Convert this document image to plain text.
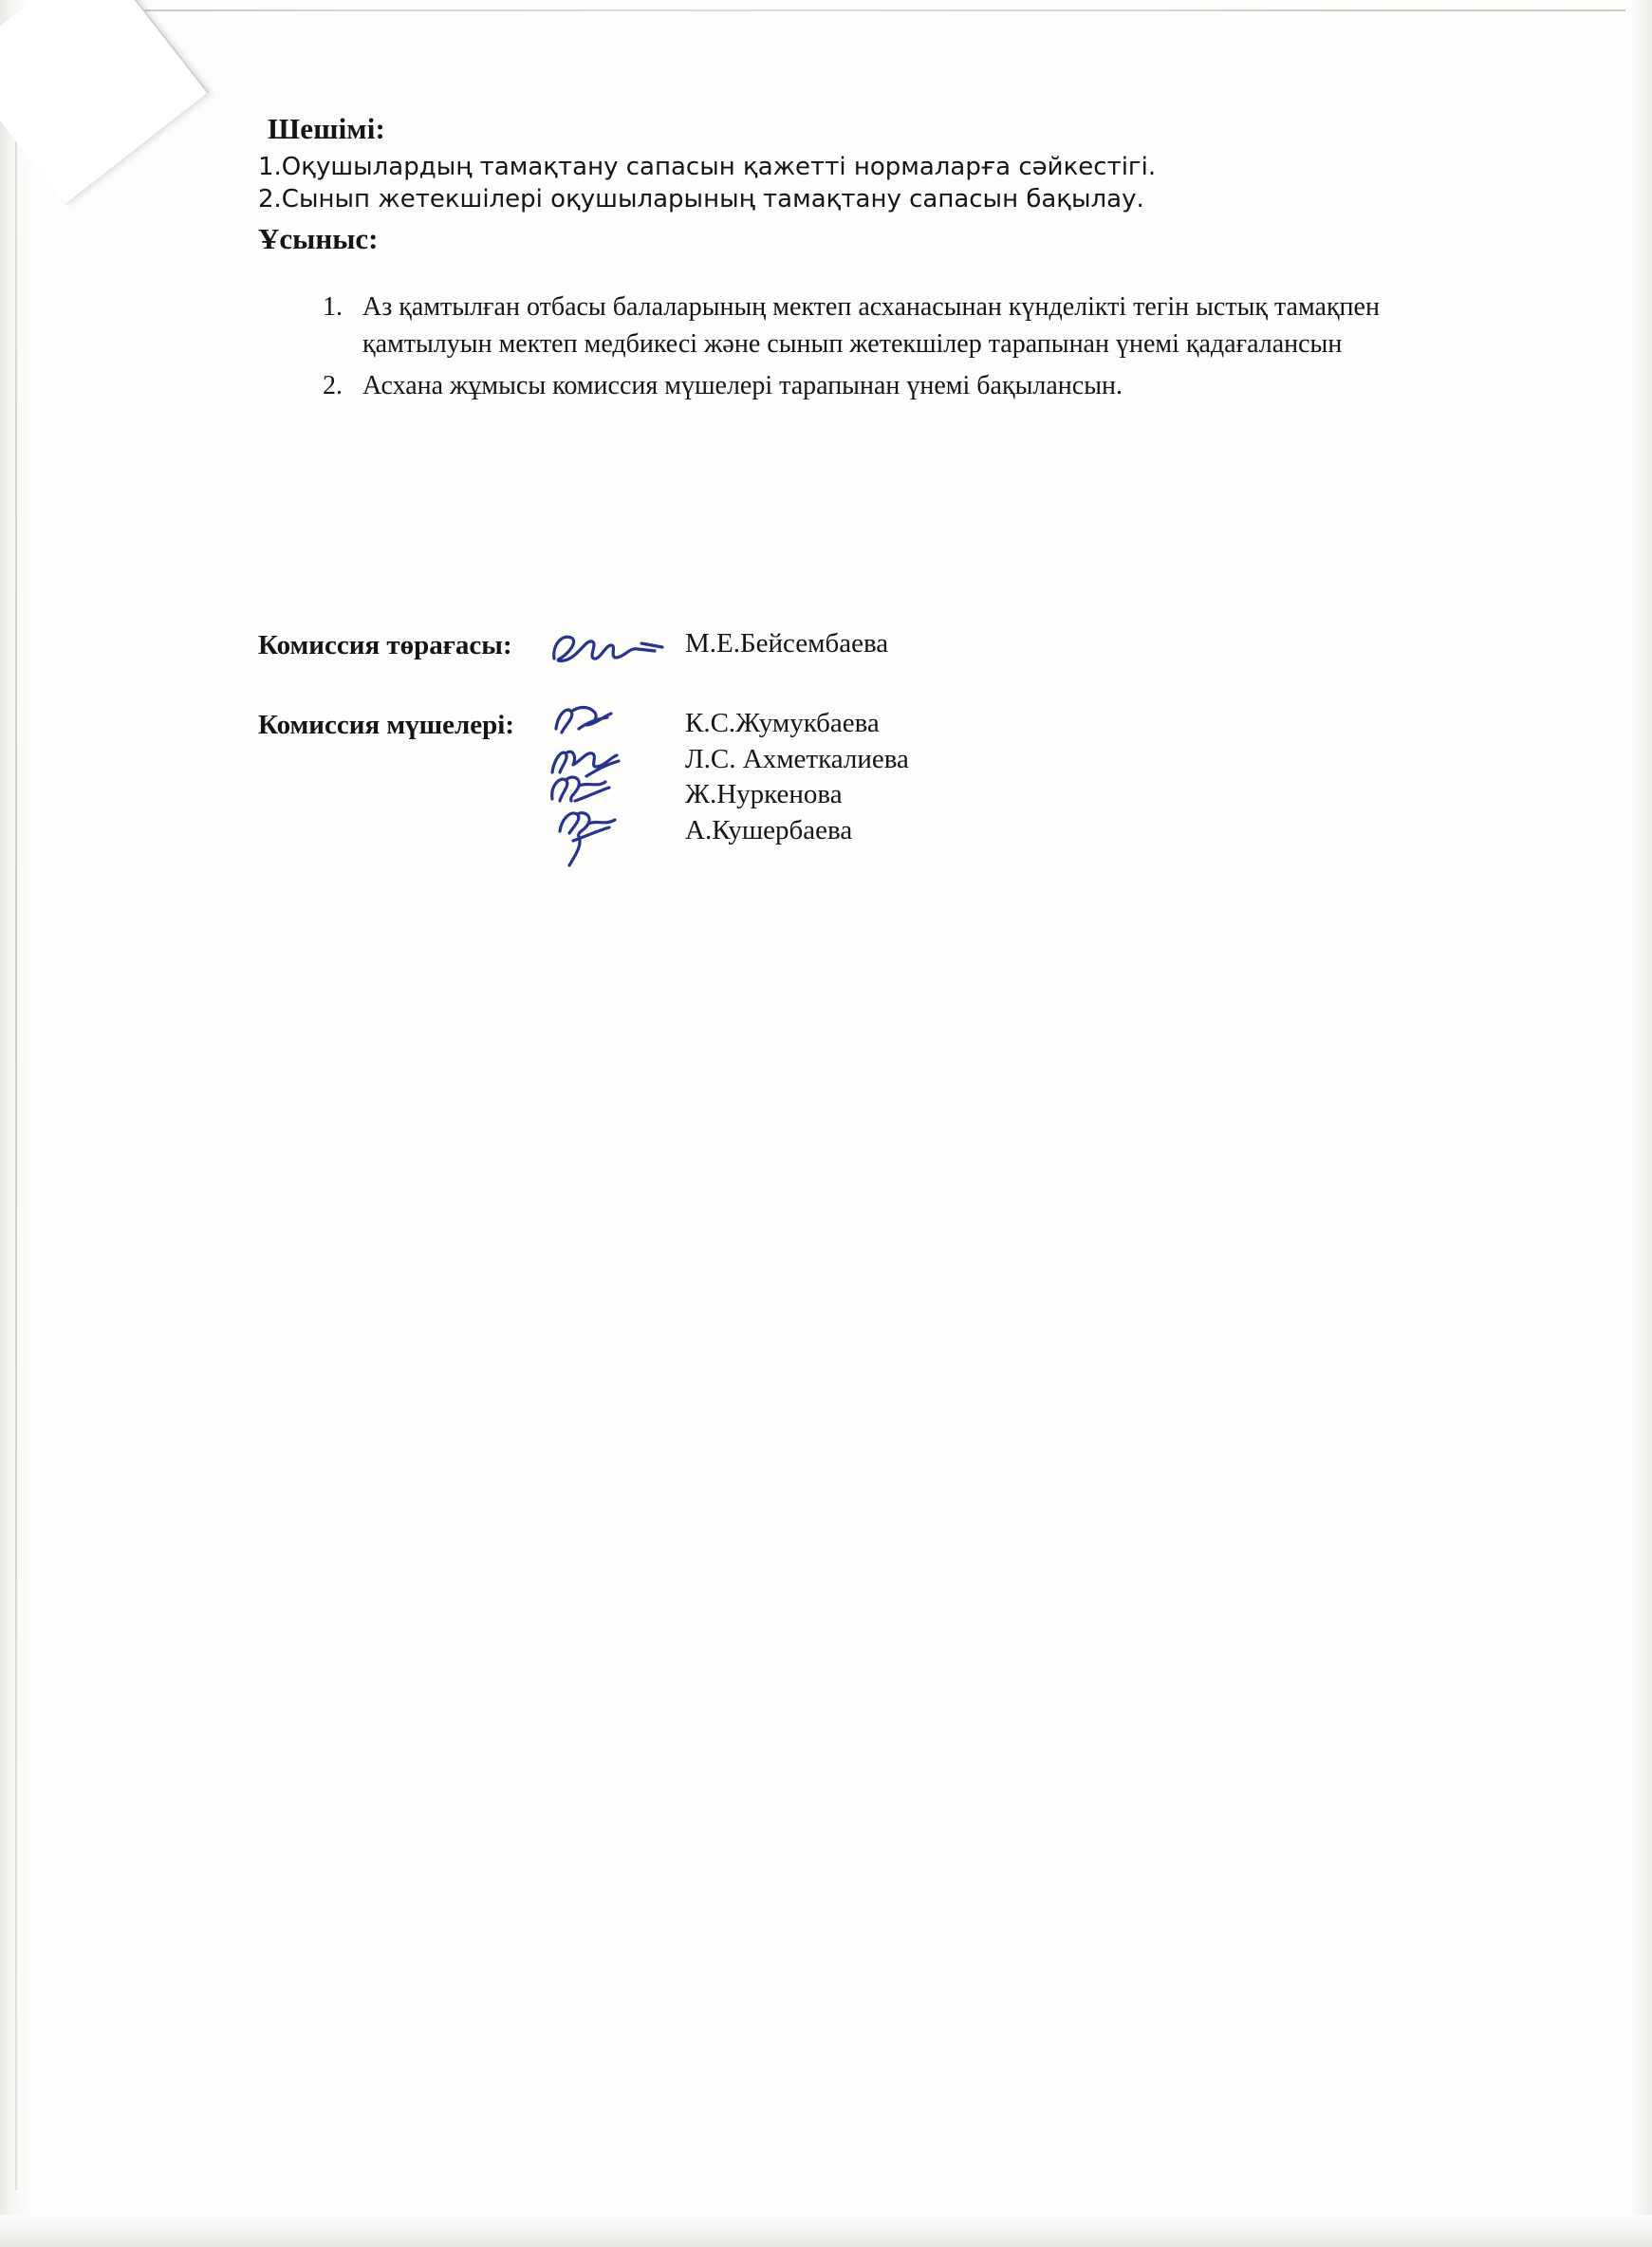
Шешімі:

1.Оқушылардың тамақтану сапасын қажетті нормаларға сәйкестігі.

2.Сынып жетекшілері оқушыларының тамақтану сапасын бақылау.

Ұсыныс:
1. Аз қамтылған отбасы балаларының мектеп асханасынан күнделікті тегін ыстық тамақпен қамтылуын мектеп медбикесі және сынып жетекшілер тарапынан үнемі қадағалансын
2. Асхана жұмысы комиссия мүшелері тарапынан үнемі бақылансын.
Комиссия төрағасы:	М.Е.Бейсембаева
Комиссия мүшелері:	К.С.Жумукбаева
Л.С. Ахметкалиева
Ж.Нуркенова
А.Кушербаева
